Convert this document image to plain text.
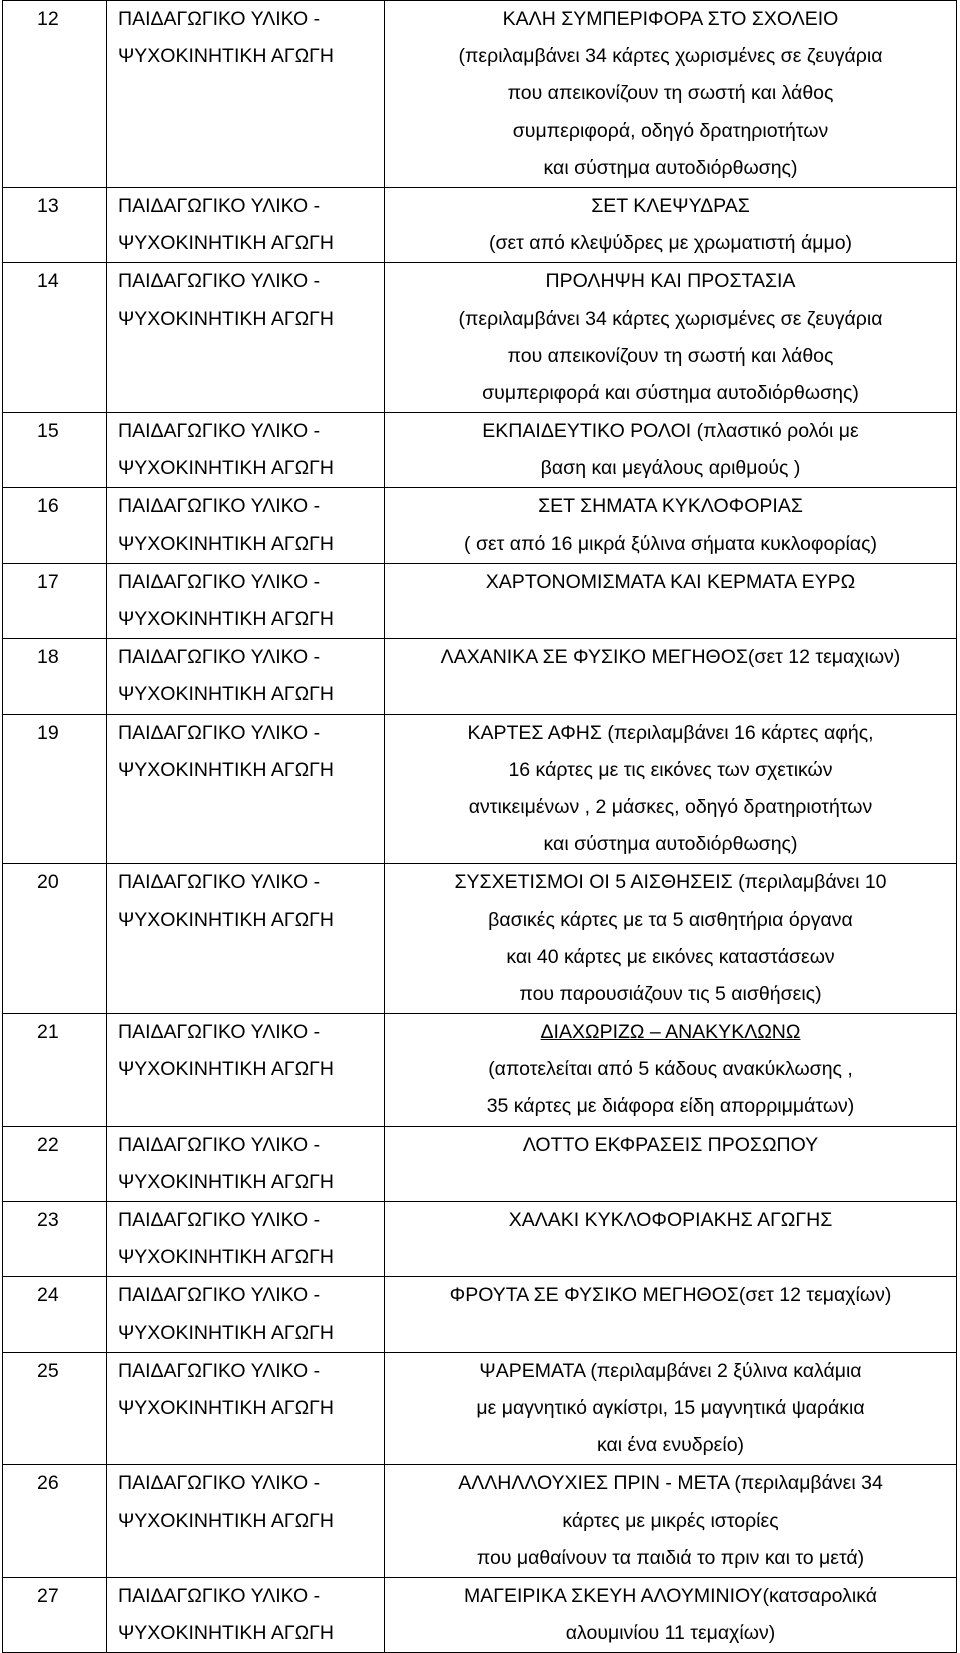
12	ΠΑΙΔΑΓΩΓΙΚΟ ΥΛΙΚΟ -
ΨΥΧΟΚΙΝΗΤΙΚΗ ΑΓΩΓΗ	ΚΑΛΗ ΣΥΜΠΕΡΙΦΟΡΑ ΣΤΟ ΣΧΟΛΕΙΟ
(περιλαμβάνει 34 κάρτες χωρισμένες σε ζευγάρια
που απεικονίζουν τη σωστή και λάθος
συμπεριφορά, οδηγό δρατηριοτήτων
και σύστημα αυτοδιόρθωσης)

13	ΠΑΙΔΑΓΩΓΙΚΟ ΥΛΙΚΟ -
ΨΥΧΟΚΙΝΗΤΙΚΗ ΑΓΩΓΗ	ΣΕΤ ΚΛΕΨΥΔΡΑΣ
(σετ από κλεψύδρες με χρωματιστή άμμο)

14	ΠΑΙΔΑΓΩΓΙΚΟ ΥΛΙΚΟ -
ΨΥΧΟΚΙΝΗΤΙΚΗ ΑΓΩΓΗ	ΠΡΟΛΗΨΗ ΚΑΙ ΠΡΟΣΤΑΣΙΑ
(περιλαμβάνει 34 κάρτες χωρισμένες σε ζευγάρια
που απεικονίζουν τη σωστή και λάθος
συμπεριφορά και σύστημα αυτοδιόρθωσης)

15	ΠΑΙΔΑΓΩΓΙΚΟ ΥΛΙΚΟ -
ΨΥΧΟΚΙΝΗΤΙΚΗ ΑΓΩΓΗ	ΕΚΠΑΙΔΕΥΤΙΚΟ ΡΟΛΟΙ (πλαστικό ρολόι με
βαση και μεγάλους αριθμούς )

16	ΠΑΙΔΑΓΩΓΙΚΟ ΥΛΙΚΟ -
ΨΥΧΟΚΙΝΗΤΙΚΗ ΑΓΩΓΗ	ΣΕΤ ΣΗΜΑΤΑ ΚΥΚΛΟΦΟΡΙΑΣ
( σετ από 16 μικρά ξύλινα σήματα κυκλοφορίας)

17	ΠΑΙΔΑΓΩΓΙΚΟ ΥΛΙΚΟ -
ΨΥΧΟΚΙΝΗΤΙΚΗ ΑΓΩΓΗ	ΧΑΡΤΟΝΟΜΙΣΜΑΤΑ ΚΑΙ ΚΕΡΜΑΤΑ ΕΥΡΩ

18	ΠΑΙΔΑΓΩΓΙΚΟ ΥΛΙΚΟ -
ΨΥΧΟΚΙΝΗΤΙΚΗ ΑΓΩΓΗ	ΛΑΧΑΝΙΚΑ ΣΕ ΦΥΣΙΚΟ ΜΕΓΗΘΟΣ(σετ 12 τεμαχιων)

19	ΠΑΙΔΑΓΩΓΙΚΟ ΥΛΙΚΟ -
ΨΥΧΟΚΙΝΗΤΙΚΗ ΑΓΩΓΗ	ΚΑΡΤΕΣ ΑΦΗΣ (περιλαμβάνει 16 κάρτες αφής,
16 κάρτες με τις εικόνες των σχετικών
αντικειμένων , 2 μάσκες, οδηγό δρατηριοτήτων
και σύστημα αυτοδιόρθωσης)

20	ΠΑΙΔΑΓΩΓΙΚΟ ΥΛΙΚΟ -
ΨΥΧΟΚΙΝΗΤΙΚΗ ΑΓΩΓΗ	ΣΥΣΧΕΤΙΣΜΟΙ ΟΙ 5 ΑΙΣΘΗΣΕΙΣ (περιλαμβάνει 10
βασικές κάρτες με τα 5 αισθητήρια όργανα
και 40 κάρτες με εικόνες καταστάσεων
που παρουσιάζουν τις 5 αισθήσεις)

21	ΠΑΙΔΑΓΩΓΙΚΟ ΥΛΙΚΟ -
ΨΥΧΟΚΙΝΗΤΙΚΗ ΑΓΩΓΗ	ΔΙΑΧΩΡΙΖΩ – ΑΝΑΚΥΚΛΩΝΩ
(αποτελείται από 5 κάδους ανακύκλωσης ,
35 κάρτες με διάφορα είδη απορριμμάτων)

22	ΠΑΙΔΑΓΩΓΙΚΟ ΥΛΙΚΟ -
ΨΥΧΟΚΙΝΗΤΙΚΗ ΑΓΩΓΗ	ΛΟΤΤΟ ΕΚΦΡΑΣΕΙΣ ΠΡΟΣΩΠΟΥ

23	ΠΑΙΔΑΓΩΓΙΚΟ ΥΛΙΚΟ -
ΨΥΧΟΚΙΝΗΤΙΚΗ ΑΓΩΓΗ	ΧΑΛΑΚΙ ΚΥΚΛΟΦΟΡΙΑΚΗΣ ΑΓΩΓΗΣ

24	ΠΑΙΔΑΓΩΓΙΚΟ ΥΛΙΚΟ -
ΨΥΧΟΚΙΝΗΤΙΚΗ ΑΓΩΓΗ	ΦΡΟΥΤΑ ΣΕ ΦΥΣΙΚΟ ΜΕΓΗΘΟΣ(σετ 12 τεμαχίων)

25	ΠΑΙΔΑΓΩΓΙΚΟ ΥΛΙΚΟ -
ΨΥΧΟΚΙΝΗΤΙΚΗ ΑΓΩΓΗ	ΨΑΡΕΜΑΤΑ (περιλαμβάνει 2 ξύλινα καλάμια
με μαγνητικό αγκίστρι, 15 μαγνητικά ψαράκια
και ένα ενυδρείο)

26	ΠΑΙΔΑΓΩΓΙΚΟ ΥΛΙΚΟ -
ΨΥΧΟΚΙΝΗΤΙΚΗ ΑΓΩΓΗ	ΑΛΛΗΛΛΟΥΧΙΕΣ ΠΡΙΝ - ΜΕΤΑ (περιλαμβάνει 34
κάρτες με μικρές ιστορίες
που μαθαίνουν τα παιδιά το πριν και το μετά)

27	ΠΑΙΔΑΓΩΓΙΚΟ ΥΛΙΚΟ -
ΨΥΧΟΚΙΝΗΤΙΚΗ ΑΓΩΓΗ	ΜΑΓΕΙΡΙΚΑ ΣΚΕΥΗ ΑΛΟΥΜΙΝΙΟΥ(κατσαρολικά
αλουμινίου 11 τεμαχίων)
